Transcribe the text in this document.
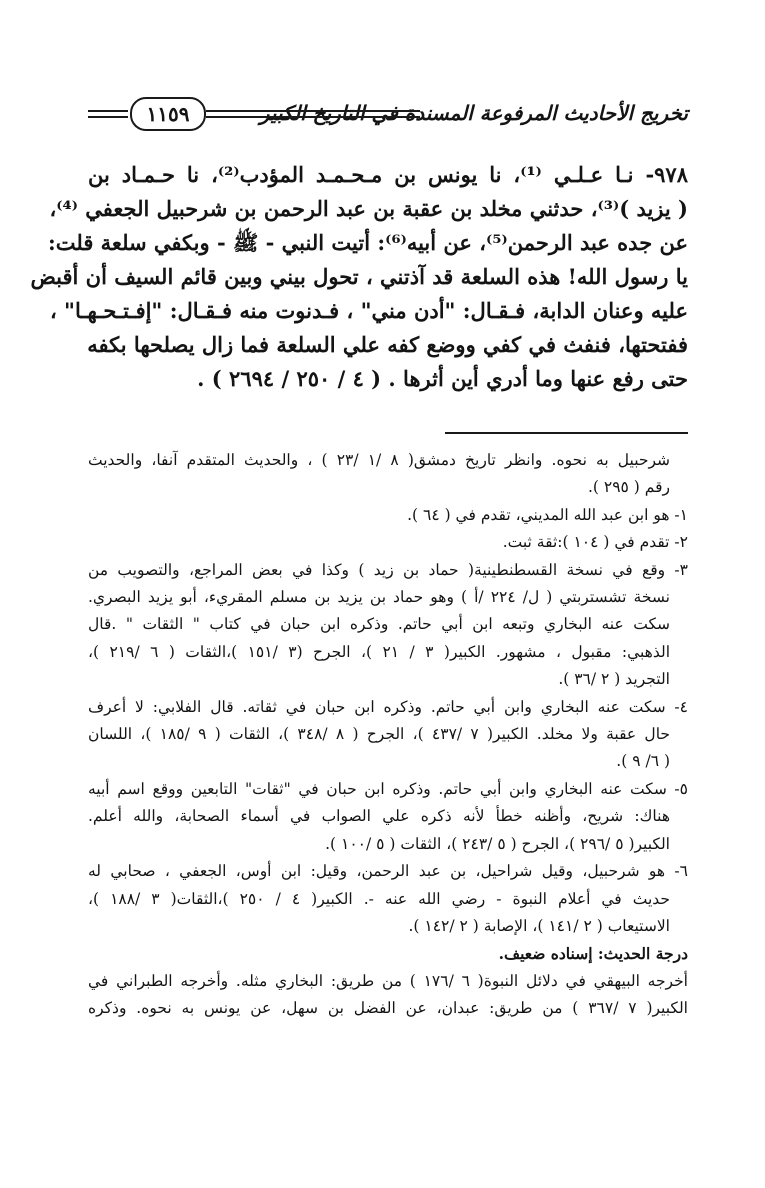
تخريج الأحاديث المرفوعة المسندة في التاريخ الكبير
١١٥٩

٩٧٨- نـا عـلـي ⁽¹⁾، نا يونس بن مـحـمـد المؤدب⁽²⁾، نا حـمـاد بن

( يزيد )⁽³⁾، حدثني مخلد بن عقبة بن عبد الرحمن بن شرحبيل الجعفي ⁽⁴⁾،

عن جده عبد الرحمن⁽⁵⁾، عن أبيه⁽⁶⁾: أتيت النبي - ﷺ - وبكفي سلعة قلت:

يا رسول الله! هذه السلعة قد آذتني ، تحول بيني وبين قائم السيف أن أقبض

عليه وعنان الدابة، فـقـال: "أدن مني" ، فـدنوت منه فـقـال: "إفـتـحـهـا" ،

ففتحتها، فنفث في كفي ووضع كفه علي السلعة فما زال يصلحها بكفه

حتى رفع عنها وما أدري أين أثرها . ( ٤ / ٢٥٠ / ٢٦٩٤ ) .

شرحبيل به نحوه. وانظر تاريخ دمشق( ٨ /١ /٢٣ ) ، والحديث المتقدم آنفا، والحديث

رقم ( ٢٩٥ ).

١- هو ابن عبد الله المديني، تقدم في ( ٦٤ ).

٢- تقدم في ( ١٠٤ ):ثقة ثبت.

٣- وقع في نسخة القسطنطينية( حماد بن زيد ) وكذا في بعض المراجع، والتصويب من

نسخة تشستربتي ( ل/ ٢٢٤ /أ ) وهو حماد بن يزيد بن مسلم المقريء، أبو يزيد البصري.

سكت عنه البخاري وتبعه ابن أبي حاتم. وذكره ابن حبان في كتاب " الثقات " .قال

الذهبي: مقبول ، مشهور. الكبير( ٣ / ٢١ )، الجرح (٣ /١٥١ )،الثقات ( ٦ /٢١٩ )،

التجريد ( ٢ /٣٦ ).

٤- سكت عنه البخاري وابن أبي حاتم. وذكره ابن حبان في ثقاته. قال الفلابي: لا أعرف

حال عقبة ولا مخلد. الكبير( ٧ /٤٣٧ )، الجرح ( ٨ /٣٤٨ )، الثقات ( ٩ /١٨٥ )، اللسان

( ٦/ ٩ ).

٥- سكت عنه البخاري وابن أبي حاتم. وذكره ابن حبان في "ثقات" التابعين ووقع اسم أبيه

هناك: شريح، وأظنه خطأ لأنه ذكره علي الصواب في أسماء الصحابة، والله أعلم.

الكبير( ٥ /٢٩٦ )، الجرح ( ٥ /٢٤٣ )، الثقات ( ٥ /١٠٠ ).

٦- هو شرحبيل، وقيل شراحيل، بن عبد الرحمن، وقيل: ابن أوس، الجعفي ، صحابي له

حديث في أعلام النبوة - رضي الله عنه -. الكبير( ٤ / ٢٥٠ )،الثقات( ٣ /١٨٨ )،

الاستيعاب ( ٢ /١٤١ )، الإصابة ( ٢ /١٤٢ ).

درجة الحديث: إسناده ضعيف.

أخرجه البيهقي في دلائل النبوة( ٦ /١٧٦ ) من طريق: البخاري مثله. وأخرجه الطبراني في

الكبير( ٧ /٣٦٧ ) من طريق: عبدان، عن الفضل بن سهل، عن يونس به نحوه. وذكره
